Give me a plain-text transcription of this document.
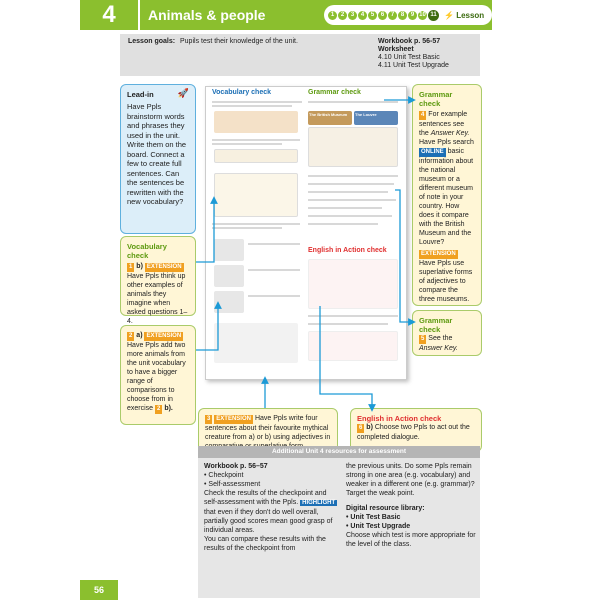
4	Animals & people	1	2	3	4	5	6	7	8	9 10 11 ⚡ Lesson
Lesson goals: Pupils test their knowledge of the unit.	Workbook p. 56-57
Worksheet
4.10 Unit Test Basic
4.11 Unit Test Upgrade
Lead-in	🚀
Have Ppls brainstorm words and phrases they used in the unit. Write them on the board. Connect a few to create full sentences. Can the sentences be rewritten with the new vocabulary?
Vocabulary check
1 b) EXTENSION
Have Ppls think up other examples of animals they imagine when asked questions 1–4.
2 a) EXTENSION
Have Ppls add two more animals from the unit vocabulary to have a bigger range of comparisons to choose from in exercise 2 b).
3 EXTENSION Have Ppls write four sentences about their favourite mythical creature from a) or b) using adjectives in
Vocabulary check	Grammar check
English in Action check
The British Museum The Louvre
Grammar check
4 For example sentences see the Answer Key. Have Ppls search ONLINE basic information about the national museum or a different museum of note in your country. How does it compare with the British Museum and the Louvre?
EXTENSION
Have Ppls use superlative forms of adjectives to compare the three museums.
Grammar check
5 See the Answer Key.
English in Action check
6 b) Choose two Ppls to act out the completed dialogue.
Additional Unit 4 resources for assessment
Workbook p. 56–57
• Checkpoint
• Self-assessment
Check the results of the checkpoint and self-assessment with the Ppls. HIGHLIGHT that even if they don't do well overall, partially good scores mean good grasp of individual areas.
You can compare these results with the results of the checkpoint from
the previous units. Do some Ppls remain strong in one area (e.g. vocabulary) and weaker in a different one (e.g. grammar)? Target the weak point.
Digital resource library:
• Unit Test Basic
• Unit Test Upgrade
Choose which test is more appropriate for the level of the class.
56
